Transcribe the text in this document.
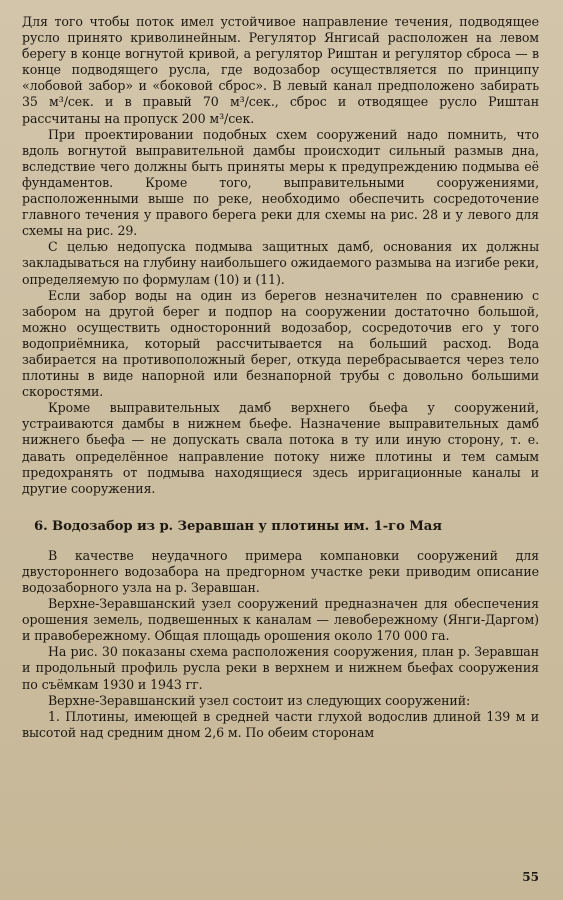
Для того чтобы поток имел устойчивое направление течения, подводящее русло принято криволинейным. Регулятор Янгисай расположен на левом берегу в конце вогнутой кривой, а регулятор Риштан и регулятор сброса — в конце подводящего русла, где водозабор осуществляется по принципу «лобовой забор» и «боковой сброс». В левый канал предположено забирать 35 м³/сек. и в правый 70 м³/сек., сброс и отводящее русло Риштан рассчитаны на пропуск 200 м³/сек.

При проектировании подобных схем сооружений надо помнить, что вдоль вогнутой выправительной дамбы происходит сильный размыв дна, вследствие чего должны быть приняты меры к предупреждению подмыва её фундаментов. Кроме того, выправительными сооружениями, расположенными выше по реке, необходимо обеспечить сосредоточение главного течения у правого берега реки для схемы на рис. 28 и у левого для схемы на рис. 29.

С целью недопуска подмыва защитных дамб, основания их должны закладываться на глубину наибольшего ожидаемого размыва на изгибе реки, определяемую по формулам (10) и (11).

Если забор воды на один из берегов незначителен по сравнению с забором на другой берег и подпор на сооружении достаточно большой, можно осуществить односторонний водозабор, сосредоточив его у того водоприёмника, который рассчитывается на больший расход. Вода забирается на противоположный берег, откуда перебрасывается через тело плотины в виде напорной или безнапорной трубы с довольно большими скоростями.

Кроме выправительных дамб верхнего бьефа у сооружений, устраиваются дамбы в нижнем бьефе. Назначение выправительных дамб нижнего бьефа — не допускать свала потока в ту или иную сторону, т. е. давать определённое направление потоку ниже плотины и тем самым предохранять от подмыва находящиеся здесь ирригационные каналы и другие сооружения.

6. Водозабор из р. Зеравшан у плотины им. 1-го Мая

В качестве неудачного примера компановки сооружений для двустороннего водозабора на предгорном участке реки приводим описание водозаборного узла на р. Зеравшан.

Верхне-Зеравшанский узел сооружений предназначен для обеспечения орошения земель, подвешенных к каналам — левобережному (Янги-Даргом) и правобережному. Общая площадь орошения около 170 000 га.

На рис. 30 показаны схема расположения сооружения, план р. Зеравшан и продольный профиль русла реки в верхнем и нижнем бьефах сооружения по съёмкам 1930 и 1943 гг.

Верхне-Зеравшанский узел состоит из следующих сооружений:

1. Плотины, имеющей в средней части глухой водослив длиной 139 м и высотой над средним дном 2,6 м. По обеим сторонам

55
